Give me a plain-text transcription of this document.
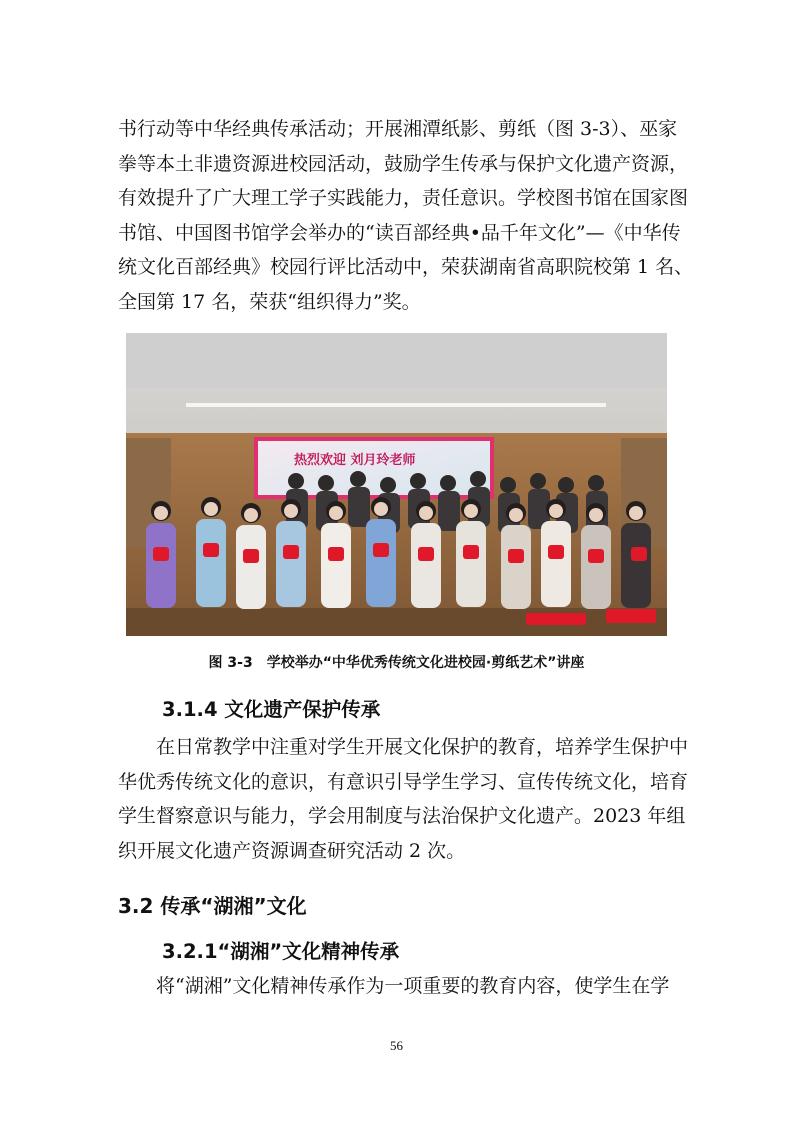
书行动等中华经典传承活动；开展湘潭纸影、剪纸（图 3-3）、巫家
拳等本土非遗资源进校园活动，鼓励学生传承与保护文化遗产资源，
有效提升了广大理工学子实践能力，责任意识。学校图书馆在国家图
书馆、中国图书馆学会举办的“读百部经典•品千年文化”—《中华传
统文化百部经典》校园行评比活动中，荣获湖南省高职院校第 1 名、
全国第 17 名，荣获“组织得力”奖。

热烈欢迎 刘月玲老师
图 3-3　学校举办“中华优秀传统文化进校园·剪纸艺术”讲座
3.1.4 文化遗产保护传承

在日常教学中注重对学生开展文化保护的教育，培养学生保护中
华优秀传统文化的意识，有意识引导学生学习、宣传传统文化，培育
学生督察意识与能力，学会用制度与法治保护文化遗产。2023 年组
织开展文化遗产资源调查研究活动 2 次。

3.2 传承“湖湘”文化
3.2.1“湖湘”文化精神传承

将“湖湘”文化精神传承作为一项重要的教育内容，使学生在学

56
